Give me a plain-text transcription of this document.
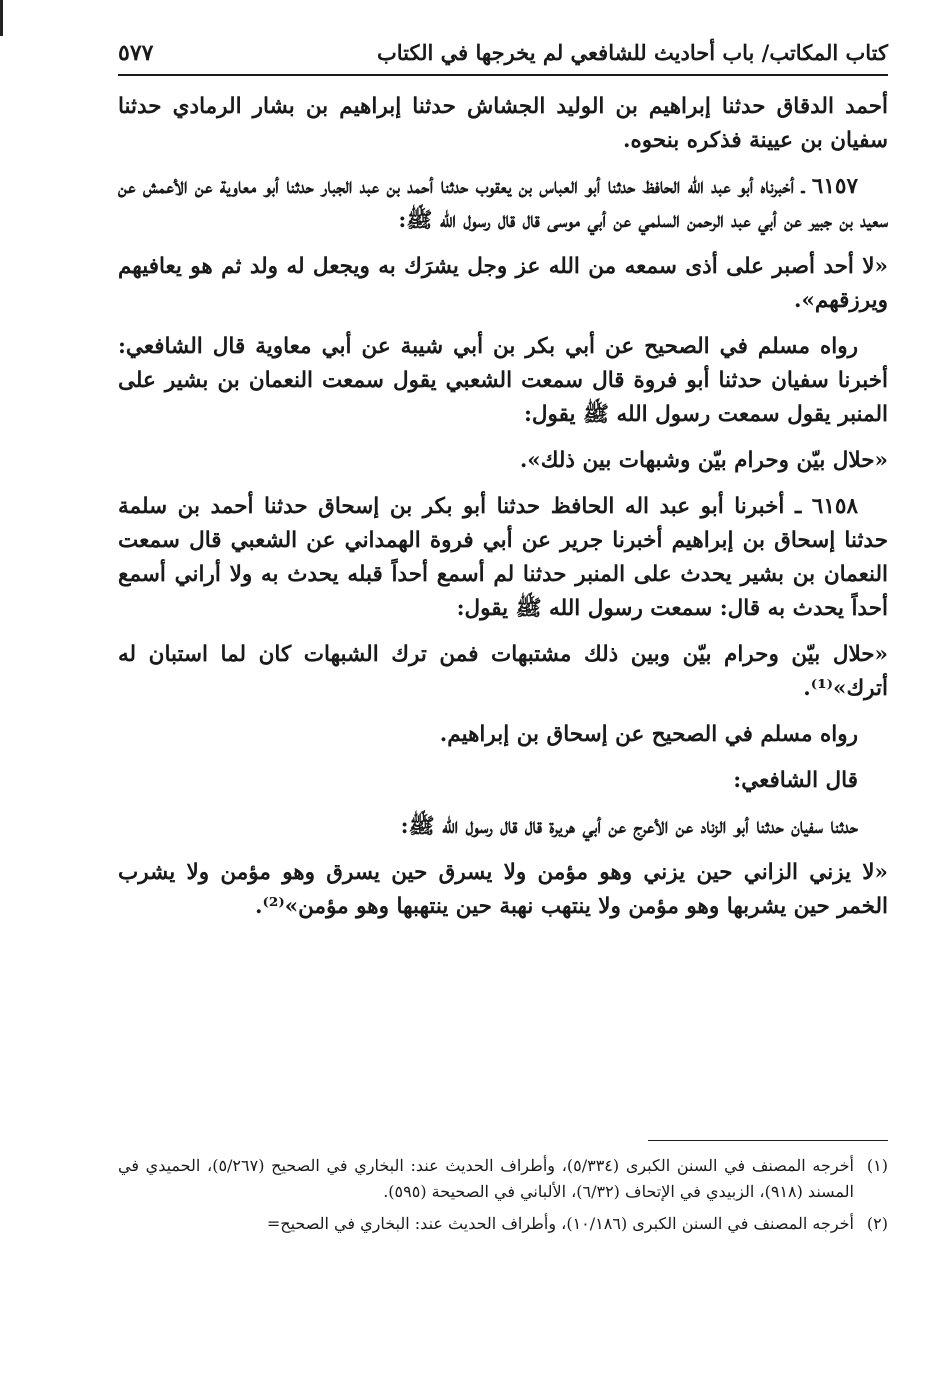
كتاب المكاتب/ باب أحاديث للشافعي لم يخرجها في الكتاب
٥٧٧

أحمد الدقاق حدثنا إبراهيم بن الوليد الجشاش حدثنا إبراهيم بن بشار الرمادي حدثنا سفيان بن عيينة فذكره بنحوه.

٦١٥٧ ـ أخبرناه أبو عبد الله الحافظ حدثنا أبو العباس بن يعقوب حدثنا أحمد بن عبد الجبار حدثنا أبو معاوية عن الأعمش عن سعيد بن جبير عن أبي عبد الرحمن السلمي عن أبي موسى قال قال رسول الله ﷺ:

«لا أحد أصبر على أذى سمعه من الله عز وجل يشرَك به ويجعل له ولد ثم هو يعافيهم ويرزقهم».

رواه مسلم في الصحيح عن أبي بكر بن أبي شيبة عن أبي معاوية قال الشافعي: أخبرنا سفيان حدثنا أبو فروة قال سمعت الشعبي يقول سمعت النعمان بن بشير على المنبر يقول سمعت رسول الله ﷺ يقول:

«حلال بيّن وحرام بيّن وشبهات بين ذلك».

٦١٥٨ ـ أخبرنا أبو عبد اله الحافظ حدثنا أبو بكر بن إسحاق حدثنا أحمد بن سلمة حدثنا إسحاق بن إبراهيم أخبرنا جرير عن أبي فروة الهمداني عن الشعبي قال سمعت النعمان بن بشير يحدث على المنبر حدثنا لم أسمع أحداً قبله يحدث به ولا أراني أسمع أحداً يحدث به قال: سمعت رسول الله ﷺ يقول:

«حلال بيّن وحرام بيّن وبين ذلك مشتبهات فمن ترك الشبهات كان لما استبان له أترك»⁽¹⁾.

رواه مسلم في الصحيح عن إسحاق بن إبراهيم.

قال الشافعي:

حدثنا سفيان حدثنا أبو الزناد عن الأعرج عن أبي هريرة قال قال رسول الله ﷺ:

«لا يزني الزاني حين يزني وهو مؤمن ولا يسرق حين يسرق وهو مؤمن ولا يشرب الخمر حين يشربها وهو مؤمن ولا ينتهب نهبة حين ينتهبها وهو مؤمن»⁽²⁾.

(١)
أخرجه المصنف في السنن الكبرى (٥/٣٣٤)، وأطراف الحديث عند: البخاري في الصحيح (٥/٢٦٧)، الحميدي في المسند (٩١٨)، الزبيدي في الإتحاف (٦/٣٢)، الألباني في الصحيحة (٥٩٥).

(٢)
أخرجه المصنف في السنن الكبرى (١٠/١٨٦)، وأطراف الحديث عند: البخاري في الصحيح=
